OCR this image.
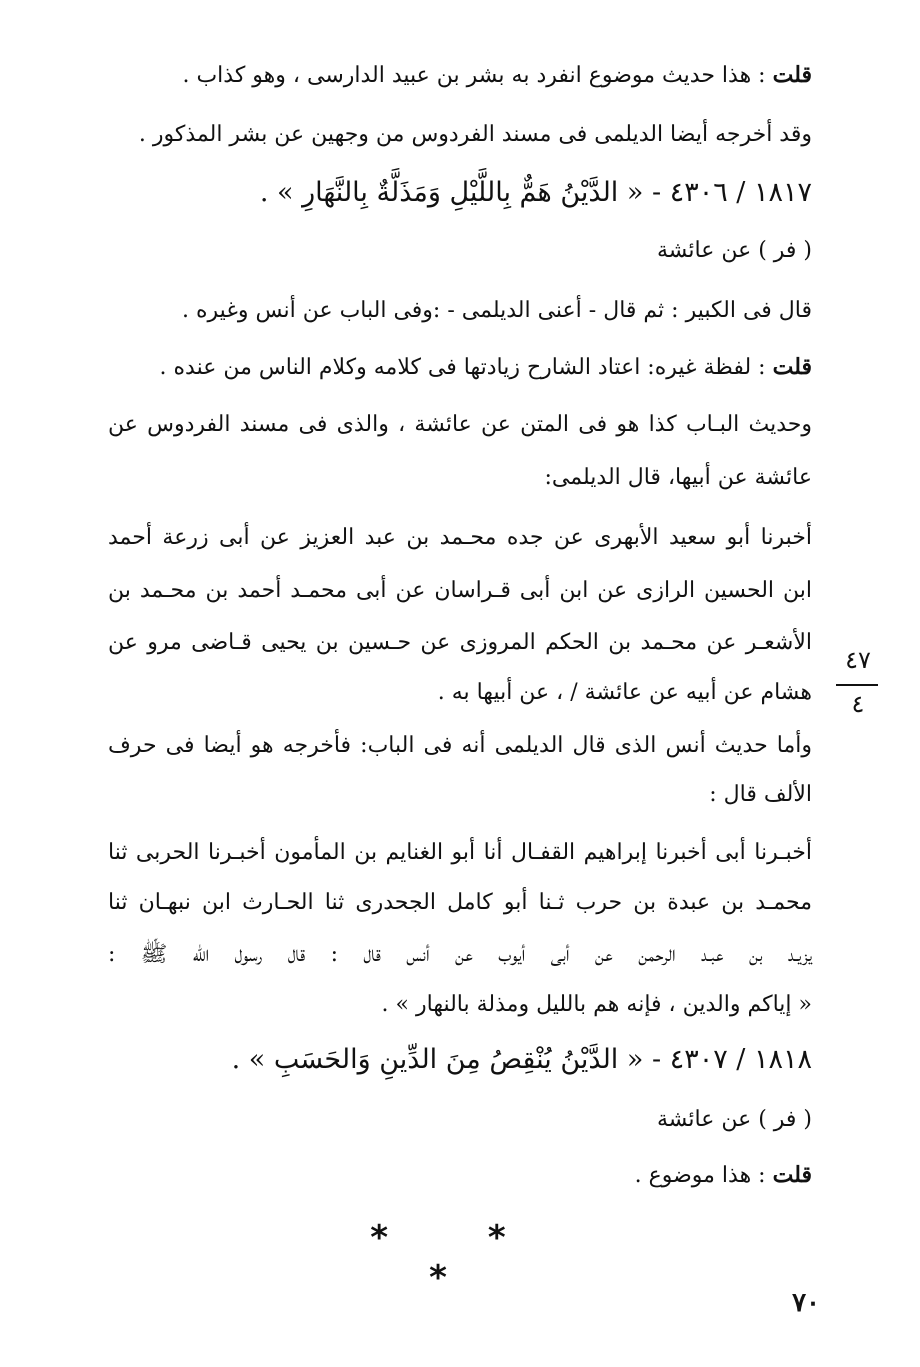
قلت : هذا حديث موضوع انفرد به بشر بن عبيد الدارسى ، وهو كذاب .
وقد أخرجه أيضا الديلمى فى مسند الفردوس من وجهين عن بشر المذكور .
١٨١٧ / ٤٣٠٦ - « الدَّيْنُ هَمٌّ بِاللَّيْلِ وَمَذَلَّةٌ بِالنَّهَارِ » .
( فر ) عن عائشة
قال فى الكبير : ثم قال - أعنى الديلمى - :وفى الباب عن أنس وغيره .
قلت : لفظة غيره: اعتاد الشارح زيادتها فى كلامه وكلام الناس من عنده .
وحديث البـاب كذا هو فى المتن عن عائشة ، والذى فى مسند الفردوس عن
عائشة عن أبيها، قال الديلمى:
أخبرنا أبو سعيد الأبهرى عن جده محـمد بن عبد العزيز عن أبى زرعة أحمد
ابن الحسين الرازى عن ابن أبى قـراسان عن أبى محمـد أحمد بن محـمد بن
الأشعـر عن محـمد بن الحكم المروزى عن حـسين بن يحيى قـاضى مرو عن
هشام عن أبيه عن عائشة / ، عن أبيها به .
وأما حديث أنس الذى قال الديلمى أنه فى الباب: فأخرجه هو أيضا فى حرف
الألف قال :
أخبـرنا أبى أخبرنا إبراهيم القفـال أنا أبو الغنايم بن المأمون أخبـرنا الحربى ثنا
محمـد بن عبدة بن حرب ثـنا أبو كامل الجحدرى ثنا الحـارث ابن نبهـان ثنا
يزيـد بن عبـد الرحمن عن أبى أيوب عن أنس قال : قال رسول الله ﷺ :
« إياكم والدين ، فإنه هم بالليل ومذلة بالنهار » .
١٨١٨ / ٤٣٠٧ - « الدَّيْنُ يُنْقِصُ مِنَ الدِّينِ وَالحَسَبِ » .
( فر ) عن عائشة
قلت : هذا موضوع .
٤٧
٤
* * *
٧٠
